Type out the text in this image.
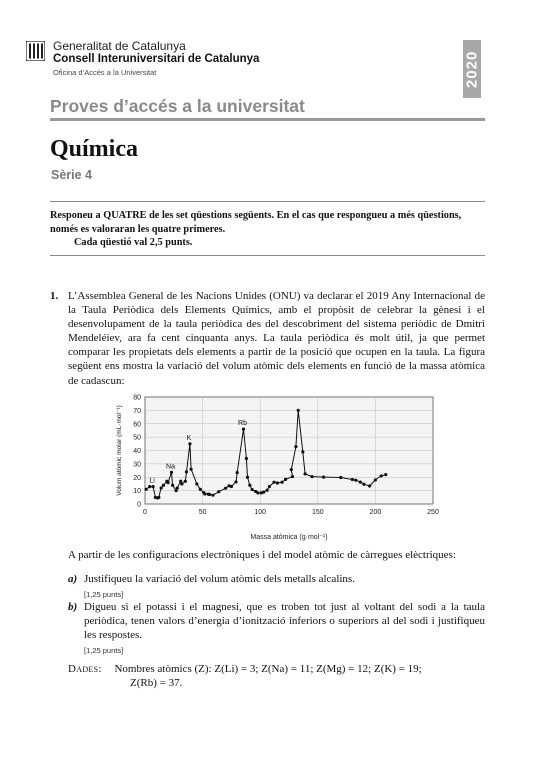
Generalitat de Catalunya
Consell Interuniversitari de Catalunya
Oficina d’Accés a la Universitat	2020
Proves d’accés a la universitat
Química
Sèrie 4
Responeu a QUATRE de les set qüestions següents. En el cas que respongueu a més qüestions,
només es valoraran les quatre primeres.
Cada qüestió val 2,5 punts.
1. L’Assemblea General de les Nacions Unides (ONU) va declarar el 2019 Any Internacional de la Taula Periòdica dels Elements Químics, amb el propòsit de celebrar la gènesi i el desenvolupament de la taula periòdica des del descobriment del sistema periòdic de Dmitri Mendeléiev, ara fa cent cinquanta anys. La taula periòdica és molt útil, ja que permet comparar les propietats dels elements a partir de la posició que ocupen en la taula. La figura següent ens mostra la variació del volum atòmic dels elements en funció de la massa atòmica de cadascun:
0
10
20
30
40
50
60
70
80
0	50	100	150	200	250
Massa atòmica (g·mol⁻¹)
Volum atòmic molar (mL·mol⁻¹)	Li
Na
K
Rb
A partir de les configuracions electròniques i del model atòmic de càrregues elèctriques:
a) Justifiqueu la variació del volum atòmic dels metalls alcalins.
[1,25 punts]
b) Digueu si el potassi i el magnesi, que es troben tot just al voltant del sodi a la taula periòdica, tenen valors d’energia d’ionització inferiors o superiors al del sodi i justifiqueu les respostes.
[1,25 punts]
Dades: Nombres atòmics (Z): Z(Li) = 3; Z(Na) = 11; Z(Mg) = 12; Z(K) = 19;
Z(Rb) = 37.
